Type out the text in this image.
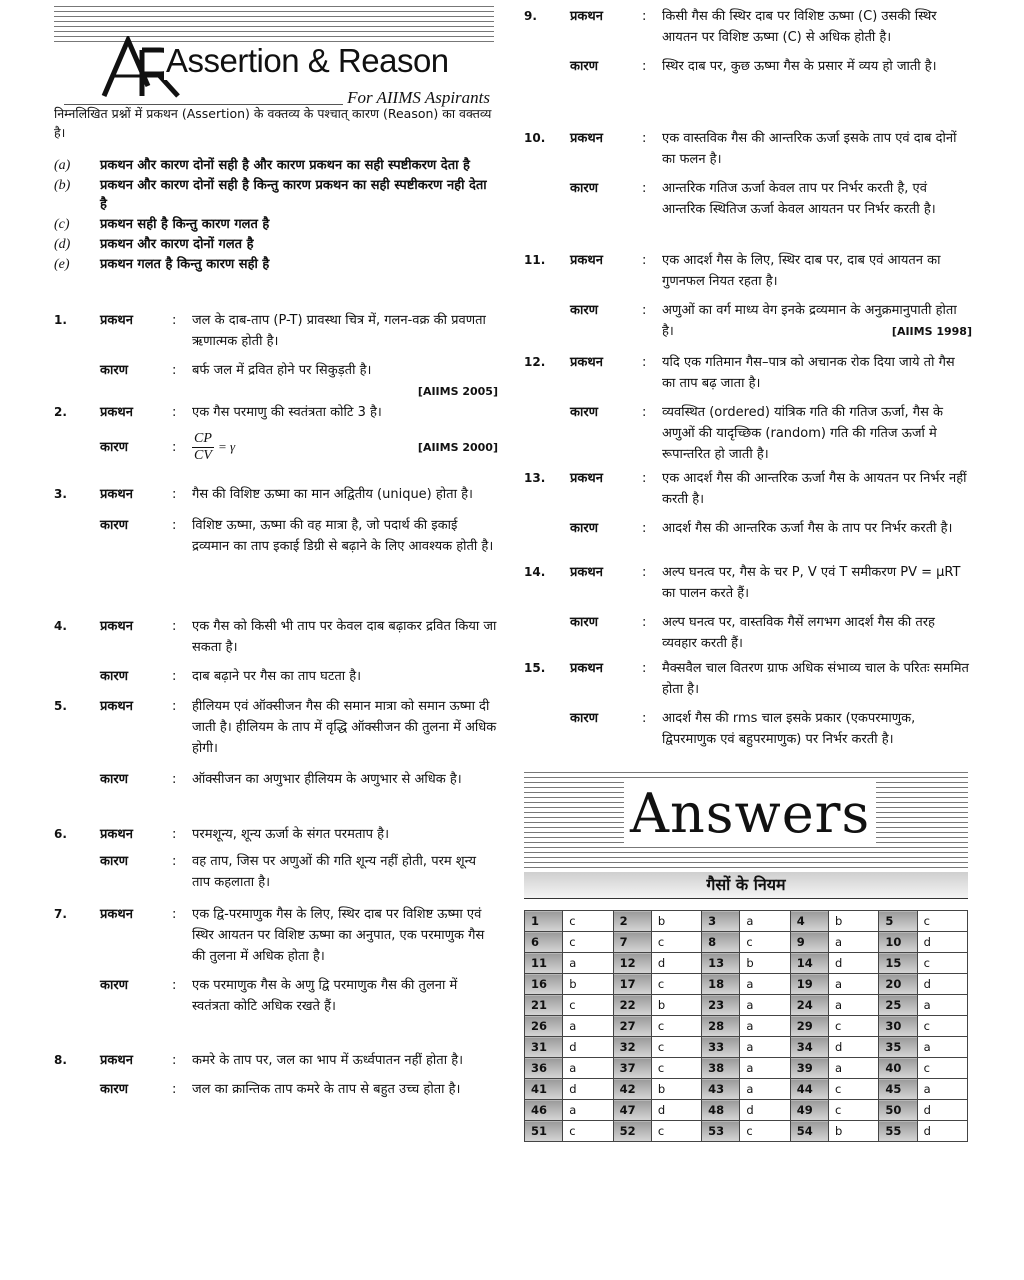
Assertion & Reason
For AIIMS Aspirants
निम्नलिखित प्रश्नों में प्रकथन (Assertion) के वक्तव्य के पश्चात् कारण (Reason) का वक्तव्य है।
(a)	प्रकथन और कारण दोनों सही है और कारण प्रकथन का सही स्पष्टीकरण देता है
(b)	प्रकथन और कारण दोनों सही है किन्तु कारण प्रकथन का सही स्पष्टीकरण नही देता है
(c)	प्रकथन सही है किन्तु कारण गलत है
(d)	प्रकथन और कारण दोनों गलत है
(e)	प्रकथन गलत है किन्तु कारण सही है
1.	प्रकथन	:	जल के दाब-ताप (P-T) प्रावस्था चित्र में, गलन-वक्र की प्रवणता ऋणात्मक होती है।
कारण	:	बर्फ जल में द्रवित होने पर सिकुड़ती है।
[AIIMS 2005]
2.	प्रकथन	:	एक गैस परमाणु की स्वतंत्रता कोटि 3 है।
कारण	:	$\frac{CP}{CV} = \gamma$	[AIIMS 2000]
3.	प्रकथन	:	गैस की विशिष्ट ऊष्मा का मान अद्वितीय (unique) होता है।
कारण	:	विशिष्ट ऊष्मा, ऊष्मा की वह मात्रा है, जो पदार्थ की इकाई द्रव्यमान का ताप इकाई डिग्री से बढ़ाने के लिए आवश्यक होती है।
4.	प्रकथन	:	एक गैस को किसी भी ताप पर केवल दाब बढ़ाकर द्रवित किया जा सकता है।
कारण	:	दाब बढ़ाने पर गैस का ताप घटता है।
5.	प्रकथन	:	हीलियम एवं ऑक्सीजन गैस की समान मात्रा को समान ऊष्मा दी जाती है। हीलियम के ताप में वृद्धि ऑक्सीजन की तुलना में अधिक होगी।
कारण	:	ऑक्सीजन का अणुभार हीलियम के अणुभार से अधिक है।
6.	प्रकथन	:	परमशून्य, शून्य ऊर्जा के संगत परमताप है।
कारण	:	वह ताप, जिस पर अणुओं की गति शून्य नहीं होती, परम शून्य ताप कहलाता है।
7.	प्रकथन	:	एक द्वि-परमाणुक गैस के लिए, स्थिर दाब पर विशिष्ट ऊष्मा एवं स्थिर आयतन पर विशिष्ट ऊष्मा का अनुपात, एक परमाणुक गैस की तुलना में अधिक होता है।
कारण	:	एक परमाणुक गैस के अणु द्वि परमाणुक गैस की तुलना में स्वतंत्रता कोटि अधिक रखते हैं।
8.	प्रकथन	:	कमरे के ताप पर, जल का भाप में ऊर्ध्वपातन नहीं होता है।
कारण	:	जल का क्रान्तिक ताप कमरे के ताप से बहुत उच्च होता है।
9.	प्रकथन	:	किसी गैस की स्थिर दाब पर विशिष्ट ऊष्मा (C) उसकी स्थिर आयतन पर विशिष्ट ऊष्मा (C) से अधिक होती है।
कारण	:	स्थिर दाब पर, कुछ ऊष्मा गैस के प्रसार में व्यय हो जाती है।
10.	प्रकथन	:	एक वास्तविक गैस की आन्तरिक ऊर्जा इसके ताप एवं दाब दोनों का फलन है।
कारण	:	आन्तरिक गतिज ऊर्जा केवल ताप पर निर्भर करती है, एवं आन्तरिक स्थितिज ऊर्जा केवल आयतन पर निर्भर करती है।
11.	प्रकथन	:	एक आदर्श गैस के लिए, स्थिर दाब पर, दाब एवं आयतन का गुणनफल नियत रहता है।
कारण	:	अणुओं का वर्ग माध्य वेग इनके द्रव्यमान के अनुक्रमानुपाती होता है।	[AIIMS 1998]
12.	प्रकथन	:	यदि एक गतिमान गैस–पात्र को अचानक रोक दिया जाये तो गैस का ताप बढ़ जाता है।
कारण	:	व्यवस्थित (ordered) यांत्रिक गति की गतिज ऊर्जा, गैस के अणुओं की यादृच्छिक (random) गति की गतिज ऊर्जा मे रूपान्तरित हो जाती है।
13.	प्रकथन	:	एक आदर्श गैस की आन्तरिक ऊर्जा गैस के आयतन पर निर्भर नहीं करती है।
कारण	:	आदर्श गैस की आन्तरिक ऊर्जा गैस के ताप पर निर्भर करती है।
14.	प्रकथन	:	अल्प घनत्व पर, गैस के चर P, V एवं T समीकरण PV = μRT का पालन करते हैं।
कारण	:	अल्प घनत्व पर, वास्तविक गैसें लगभग आदर्श गैस की तरह व्यवहार करती हैं।
15.	प्रकथन	:	मैक्सवैल चाल वितरण ग्राफ अधिक संभाव्य चाल के परितः सममित होता है।
कारण	:	आदर्श गैस की rms चाल इसके प्रकार (एकपरमाणुक, द्विपरमाणुक एवं बहुपरमाणुक) पर निर्भर करती है।
Answers
गैसों के नियम
1	c	2	b	3	a	4	b	5	c
6	c	7	c	8	c	9	a	10	d
11	a	12	d	13	b	14	d	15	c
16	b	17	c	18	a	19	a	20	d
21	c	22	b	23	a	24	a	25	a
26	a	27	c	28	a	29	c	30	c
31	d	32	c	33	a	34	d	35	a
36	a	37	c	38	a	39	a	40	c
41	d	42	b	43	a	44	c	45	a
46	a	47	d	48	d	49	c	50	d
51	c	52	c	53	c	54	b	55	d
